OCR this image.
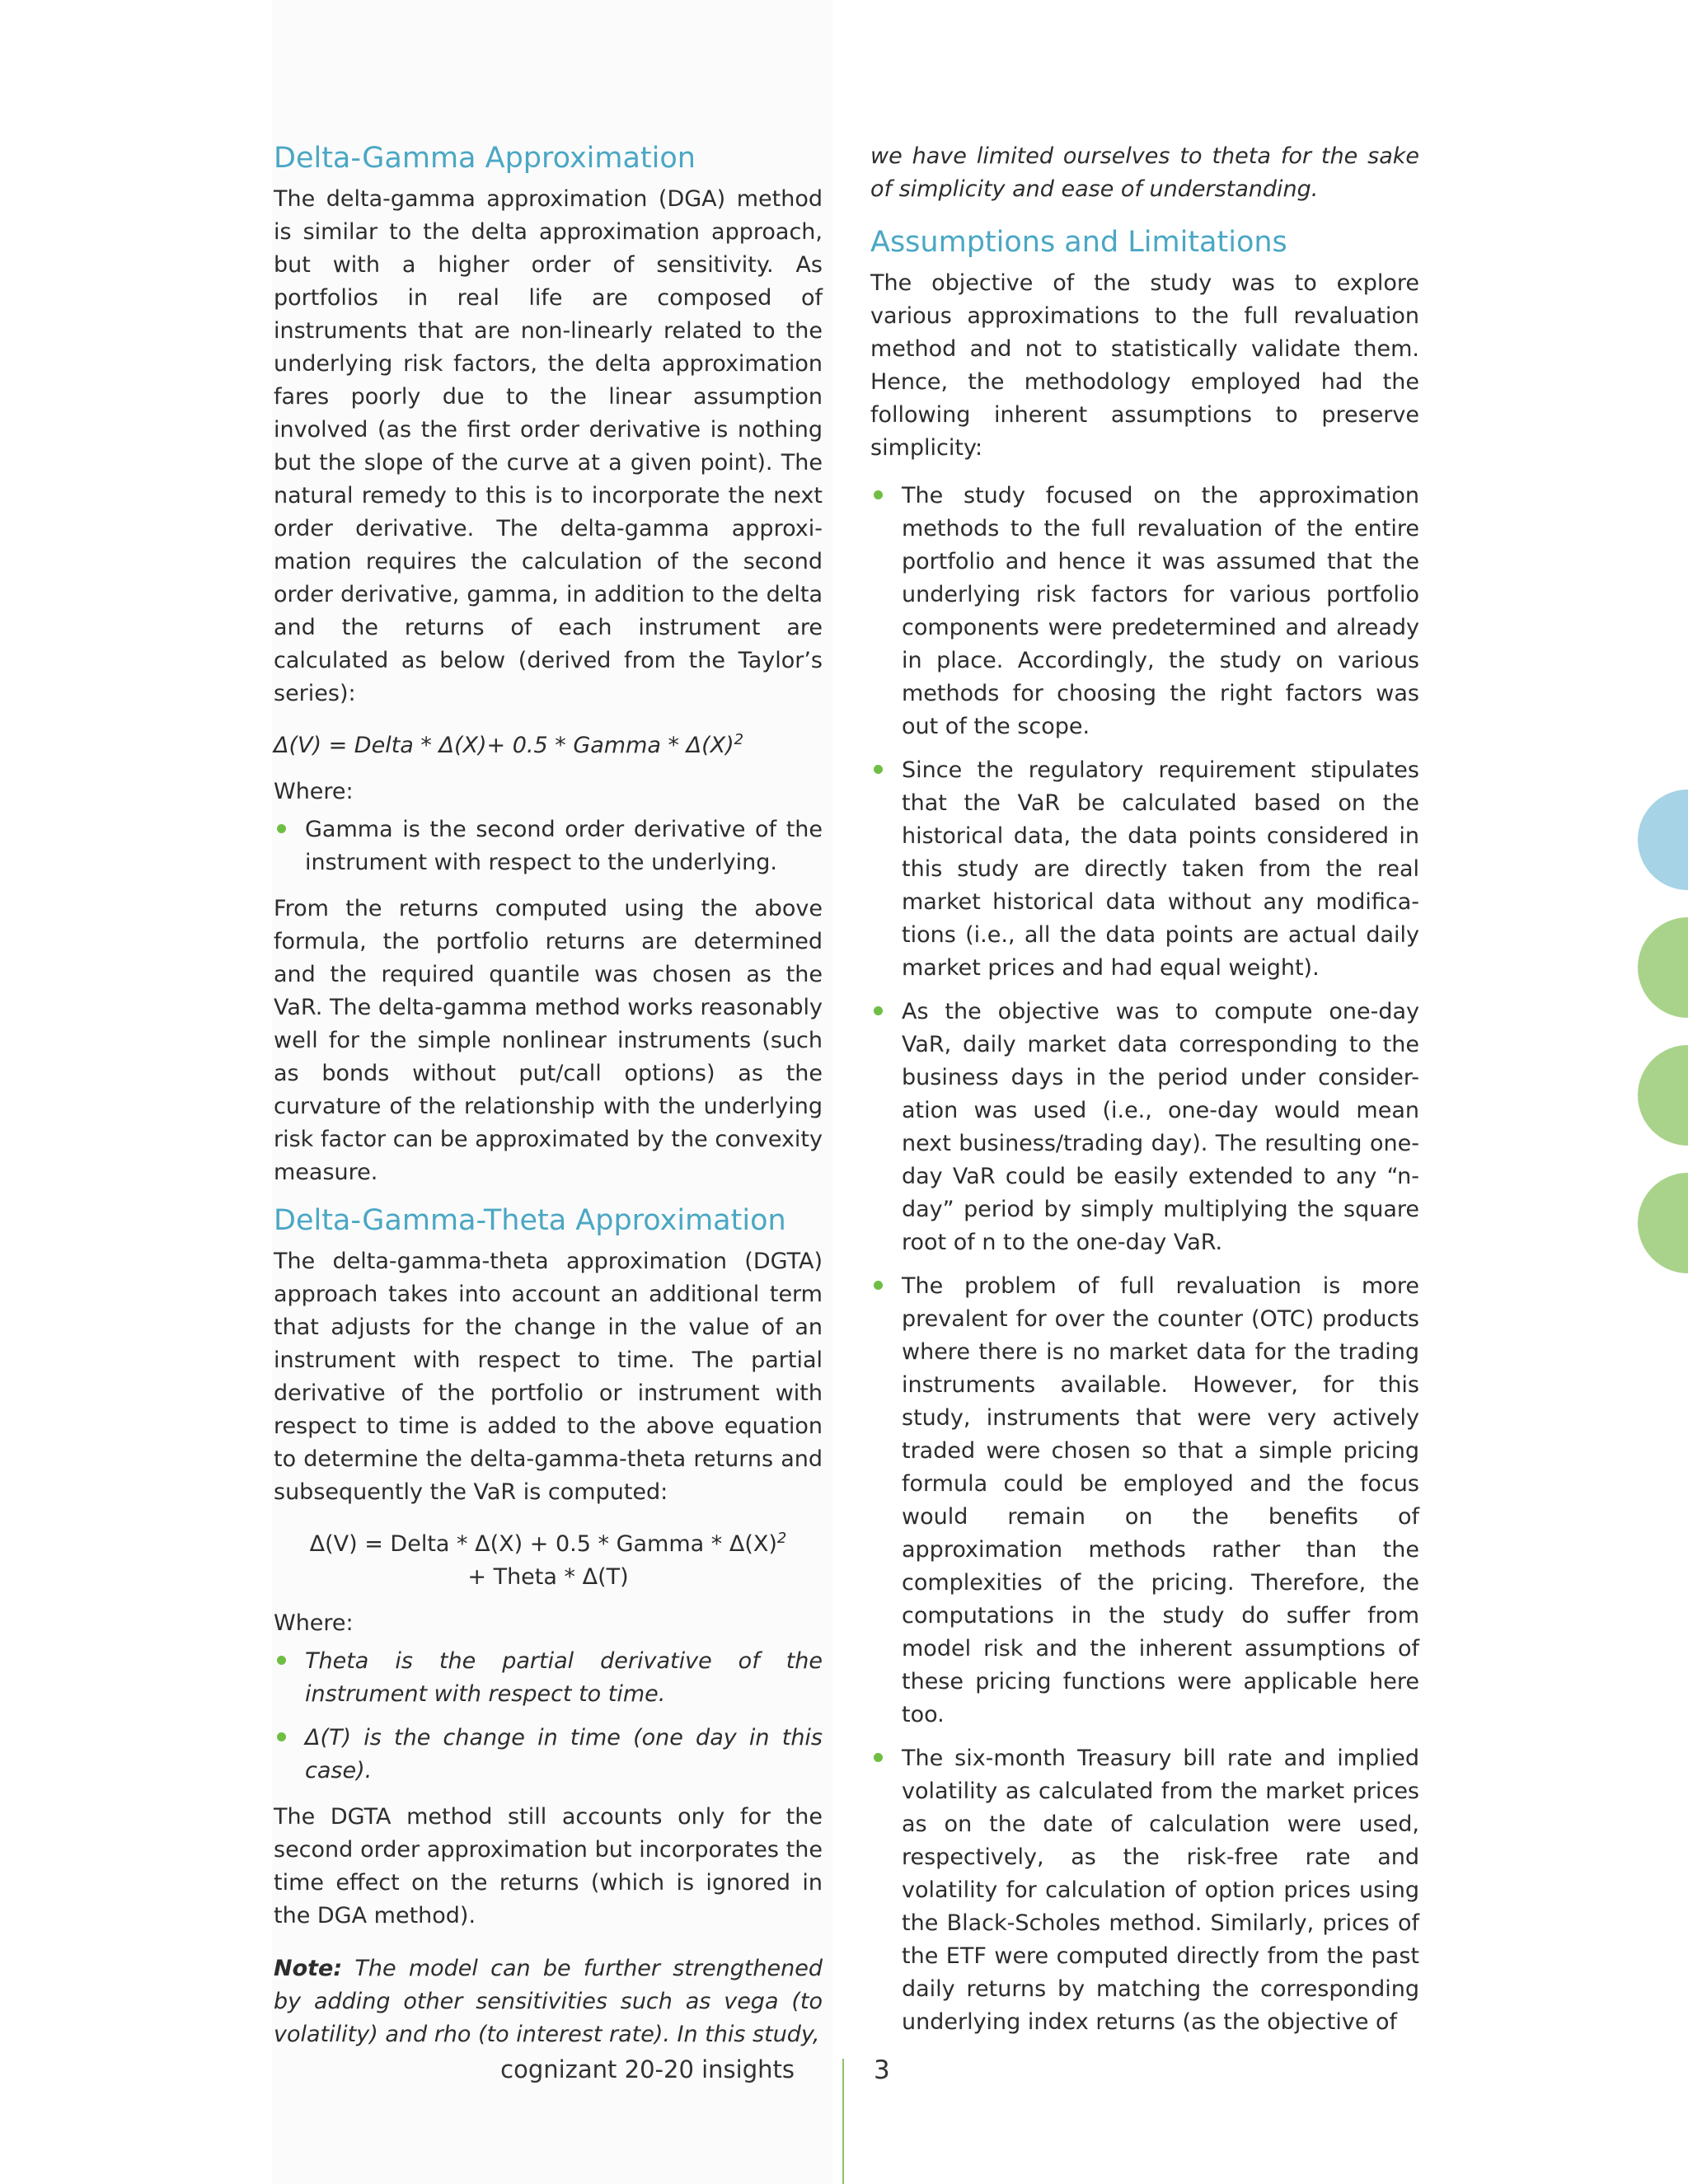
Delta-Gamma Approximation

The delta-gamma approximation (DGA) method is similar to the delta approximation approach, but with a higher order of sensitivity. As portfolios in real life are composed of instruments that are non-linearly related to the underlying risk factors, the delta approximation fares poorly due to the linear assumption involved (as the first order derivative is nothing but the slope of the curve at a given point). The natural remedy to this is to incorporate the next order derivative. The delta-gamma approxi-mation requires the calculation of the second order derivative, gamma, in addition to the delta and the returns of each instrument are calculated as below (derived from the Taylor’s series):

Δ(V) = Delta * Δ(X)+ 0.5 * Gamma * $\Delta(X)^2$

Where:

Gamma is the second order derivative of the instrument with respect to the underlying.

From the returns computed using the above formula, the portfolio returns are determined and the required quantile was chosen as the VaR. The delta-gamma method works reasonably well for the simple nonlinear instruments (such as bonds without put/call options) as the curvature of the relationship with the underlying risk factor can be approximated by the convexity measure.

Delta-Gamma-Theta Approximation

The delta-gamma-theta approximation (DGTA) approach takes into account an additional term that adjusts for the change in the value of an instrument with respect to time. The partial derivative of the portfolio or instrument with respect to time is added to the above equation to determine the delta-gamma-theta returns and subsequently the VaR is computed:

Δ(V) = Delta * Δ(X) + 0.5 * Gamma * $\Delta(X)^2$
+ Theta * Δ(T)

Where:

Theta is the partial derivative of the instrument with respect to time.
Δ(T) is the change in time (one day in this case).

The DGTA method still accounts only for the second order approximation but incorporates the time effect on the returns (which is ignored in the DGA method).

Note: The model can be further strengthened by adding other sensitivities such as vega (to volatility) and rho (to interest rate). In this study,

we have limited ourselves to theta for the sake of simplicity and ease of understanding.

Assumptions and Limitations

The objective of the study was to explore various approximations to the full revaluation method and not to statistically validate them. Hence, the methodology employed had the following inherent assumptions to preserve simplicity:

The study focused on the approximation methods to the full revaluation of the entire portfolio and hence it was assumed that the underlying risk factors for various portfolio components were predetermined and already in place. Accordingly, the study on various methods for choosing the right factors was out of the scope.
Since the regulatory requirement stipulates that the VaR be calculated based on the historical data, the data points considered in this study are directly taken from the real market historical data without any modifica-tions (i.e., all the data points are actual daily market prices and had equal weight).
As the objective was to compute one-day VaR, daily market data corresponding to the business days in the period under consider-ation was used (i.e., one-day would mean next business/trading day). The resulting one-day VaR could be easily extended to any “n-day” period by simply multiplying the square root of n to the one-day VaR.
The problem of full revaluation is more prevalent for over the counter (OTC) products where there is no market data for the trading instruments available. However, for this study, instruments that were very actively traded were chosen so that a simple pricing formula could be employed and the focus would remain on the benefits of approximation methods rather than the complexities of the pricing. Therefore, the computations in the study do suffer from model risk and the inherent assumptions of these pricing functions were applicable here too.
The six-month Treasury bill rate and implied volatility as calculated from the market prices as on the date of calculation were used, respectively, as the risk-free rate and volatility for calculation of option prices using the Black-Scholes method. Similarly, prices of the ETF were computed directly from the past daily returns by matching the corresponding underlying index returns (as the objective of
cognizant 20-20 insights	3
